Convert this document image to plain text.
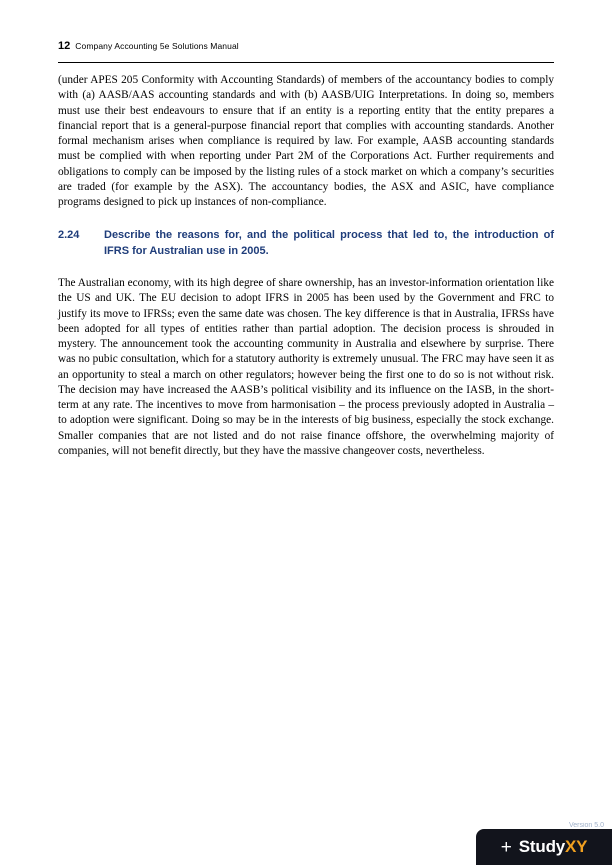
12 Company Accounting 5e Solutions Manual

(under APES 205 Conformity with Accounting Standards) of members of the accountancy bodies to comply with (a) AASB/AAS accounting standards and with (b) AASB/UIG Interpretations. In doing so, members must use their best endeavours to ensure that if an entity is a reporting entity that the entity prepares a financial report that is a general-purpose financial report that complies with accounting standards. Another formal mechanism arises when compliance is required by law. For example, AASB accounting standards must be complied with when reporting under Part 2M of the Corporations Act. Further requirements and obligations to comply can be imposed by the listing rules of a stock market on which a company’s securities are traded (for example by the ASX). The accountancy bodies, the ASX and ASIC, have compliance programs designed to pick up instances of non-compliance.

2.24	Describe the reasons for, and the political process that led to, the introduction of IFRS for Australian use in 2005.

The Australian economy, with its high degree of share ownership, has an investor-information orientation like the US and UK. The EU decision to adopt IFRS in 2005 has been used by the Government and FRC to justify its move to IFRSs; even the same date was chosen. The key difference is that in Australia, IFRSs have been adopted for all types of entities rather than partial adoption. The decision process is shrouded in mystery. The announcement took the accounting community in Australia and elsewhere by surprise. There was no pubic consultation, which for a statutory authority is extremely unusual. The FRC may have seen it as an opportunity to steal a march on other regulators; however being the first one to do so is not without risk. The decision may have increased the AASB’s political visibility and its influence on the IASB, in the short-term at any rate. The incentives to move from harmonisation – the process previously adopted in Australia – to adoption were significant. Doing so may be in the interests of big business, especially the stock exchange. Smaller companies that are not listed and do not raise finance offshore, the overwhelming majority of companies, will not benefit directly, but they have the massive changeover costs, nevertheless.

Version 5.0
+ StudyXY
